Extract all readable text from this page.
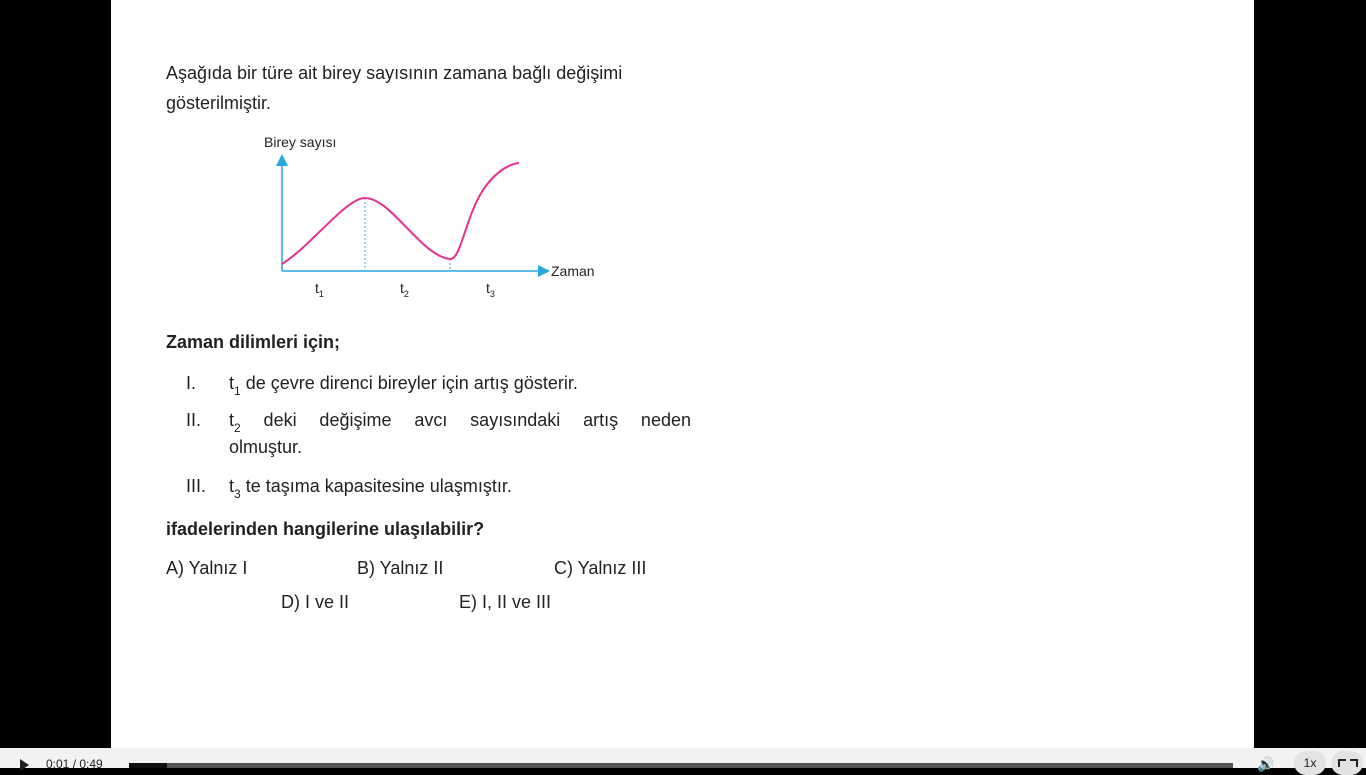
Aşağıda bir türe ait birey sayısının zamana bağlı değişimi
gösterilmiştir.
Birey sayısı
Zaman
$t_1$	$t_2$	$t_3$
Zaman dilimleri için;
I. $t_1$ de çevre direnci bireyler için artış gösterir.
II. $t_2$ deki değişime avcı sayısındaki artış neden
olmuştur.
III. $t_3$ te taşıma kapasitesine ulaşmıştır.
ifadelerinden hangilerine ulaşılabilir?
A) Yalnız I	B) Yalnız II	C) Yalnız III
D) I ve II	E) I, II ve III
0:01 / 0:49	🔊	1x
